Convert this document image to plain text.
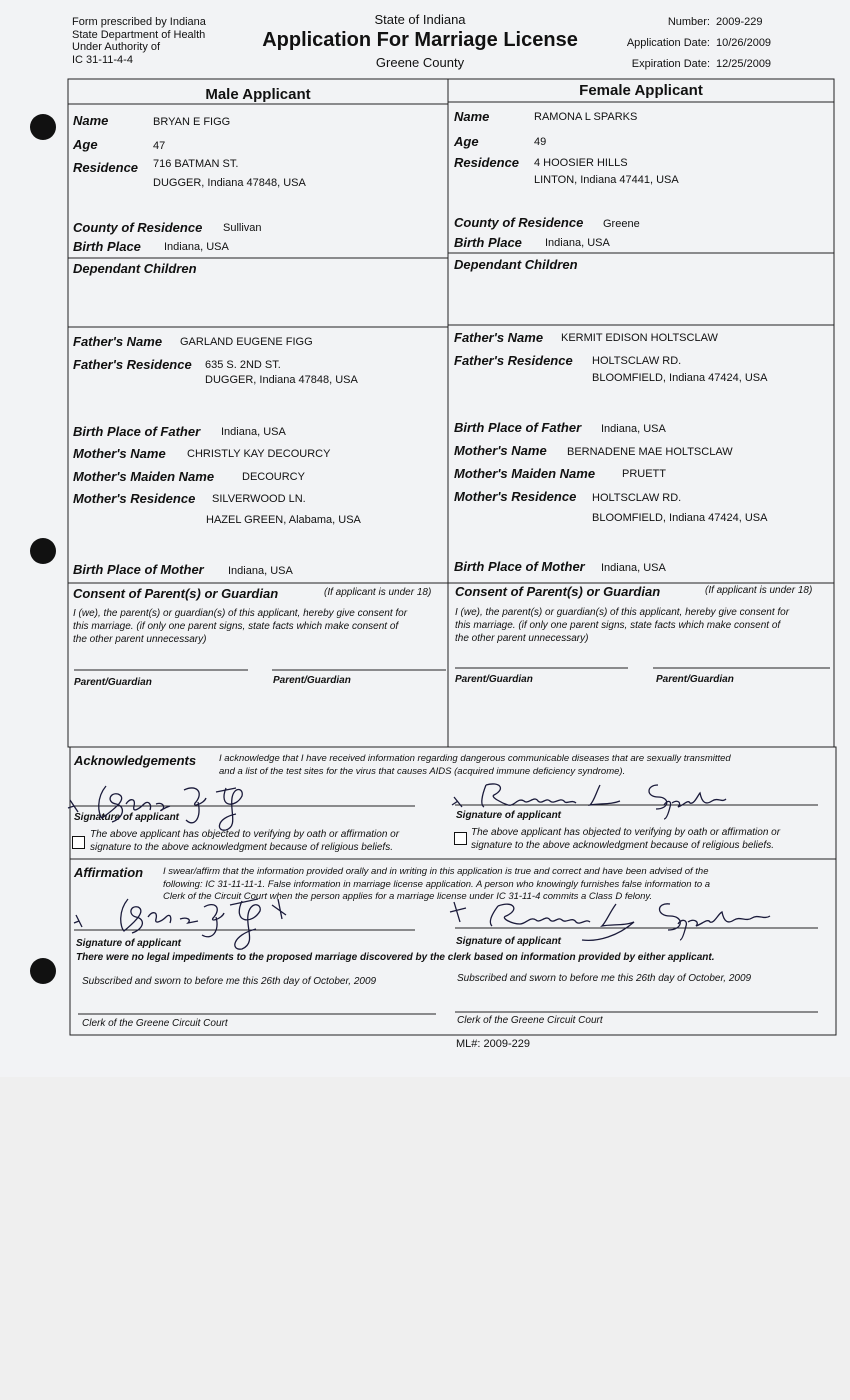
Form prescribed by Indiana
State Department of Health
Under Authority of
IC 31-11-4-4
State of Indiana
Application For Marriage License
Greene County
Number: 2009-229
Application Date: 10/26/2009
Expiration Date: 12/25/2009
Male Applicant	Female Applicant
Name	BRYAN E FIGG
Age	47
Residence 716 BATMAN ST.
DUGGER, Indiana 47848, USA
County of Residence Sullivan
Birth Place Indiana, USA
Dependant Children
Father's Name GARLAND EUGENE FIGG
Father's Residence 635 S. 2ND ST.
DUGGER, Indiana 47848, USA
Birth Place of Father Indiana, USA
Mother's Name CHRISTLY KAY DECOURCY
Mother's Maiden Name	DECOURCY
Mother's Residence SILVERWOOD LN.
HAZEL GREEN, Alabama, USA
Birth Place of Mother Indiana, USA
Name	RAMONA L SPARKS
Age	49
Residence 4 HOOSIER HILLS
LINTON, Indiana 47441, USA
County of Residence Greene
Birth Place Indiana, USA
Dependant Children
Father's Name KERMIT EDISON HOLTSCLAW
Father's Residence HOLTSCLAW RD.
BLOOMFIELD, Indiana 47424, USA
Birth Place of Father Indiana, USA
Mother's Name BERNADENE MAE HOLTSCLAW
Mother's Maiden Name PRUETT
Mother's Residence HOLTSCLAW RD.
BLOOMFIELD, Indiana 47424, USA
Birth Place of Mother Indiana, USA
Consent of Parent(s) or Guardian	(If applicant is under 18)
I (we), the parent(s) or guardian(s) of this applicant, hereby give consent for
this marriage. (if only one parent signs, state facts which make consent of
the other parent unnecessary)
Parent/Guardian	Parent/Guardian
Consent of Parent(s) or Guardian	(If applicant is under 18)
I (we), the parent(s) or guardian(s) of this applicant, hereby give consent for
this marriage. (if only one parent signs, state facts which make consent of
the other parent unnecessary)
Parent/Guardian	Parent/Guardian
Acknowledgements I acknowledge that I have received information regarding dangerous communicable diseases that are sexually transmitted
and a list of the test sites for the virus that causes AIDS (acquired immune deficiency syndrome).
Signature of applicant	Signature of applicant
The above applicant has objected to verifying by oath or affirmation or
signature to the above acknowledgment because of religious beliefs.
The above applicant has objected to verifying by oath or affirmation or
signature to the above acknowledgment because of religious beliefs.
Affirmation I swear/affirm that the information provided orally and in writing in this application is true and correct and have been advised of the
following: IC 31-11-11-1. False information in marriage license application. A person who knowingly furnishes false information to a
Clerk of the Circuit Court when the person applies for a marriage license under IC 31-11-4 commits a Class D felony.
Signature of applicant	Signature of applicant
There were no legal impediments to the proposed marriage discovered by the clerk based on information provided by either applicant.
Subscribed and sworn to before me this 26th day of October, 2009	Subscribed and sworn to before me this 26th day of October, 2009
Clerk of the Greene Circuit Court	Clerk of the Greene Circuit Court
ML#: 2009-229
